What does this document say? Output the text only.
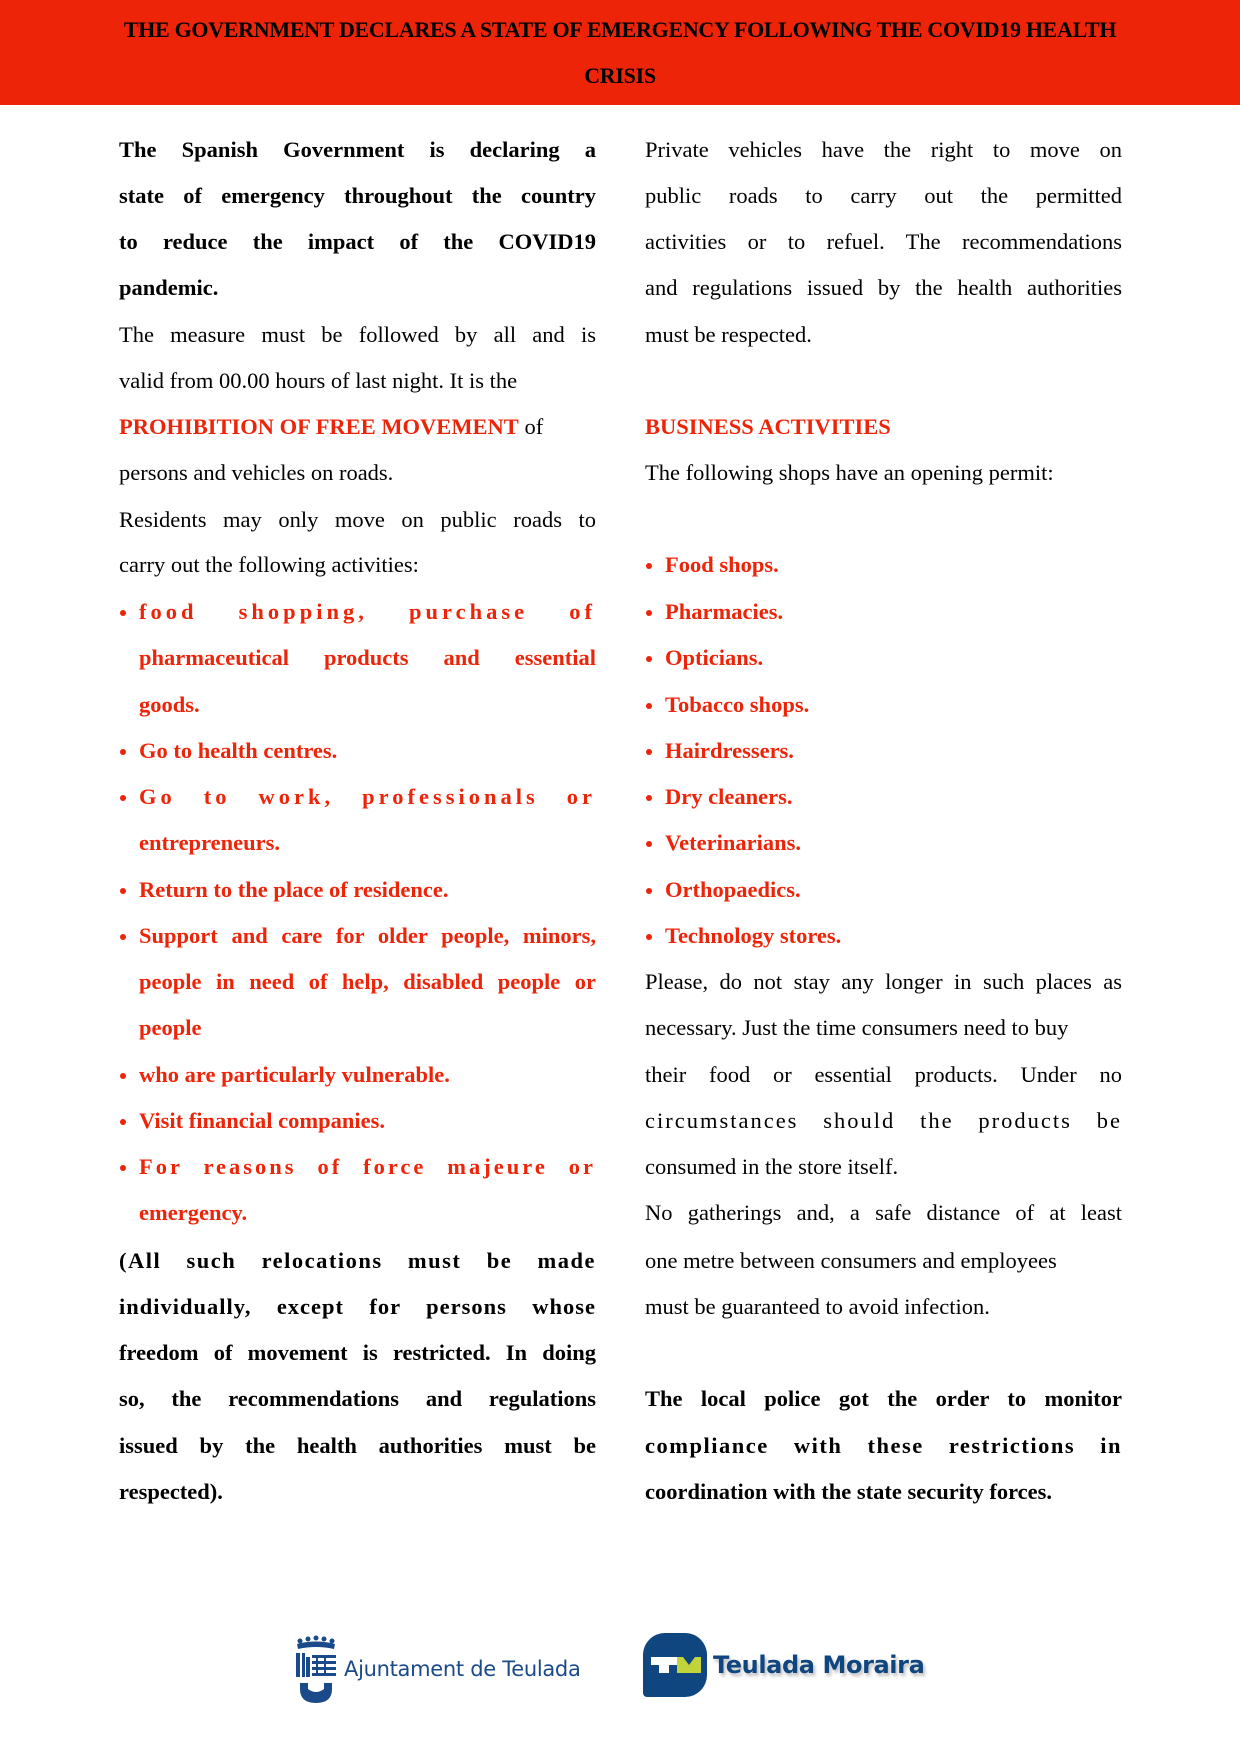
THE GOVERNMENT DECLARES A STATE OF EMERGENCY FOLLOWING THE COVID19 HEALTH
CRISIS
The Spanish Government is declaring a
state of emergency throughout the country
to reduce the impact of the COVID19
pandemic.
The measure must be followed by all and is
valid from 00.00 hours of last night. It is the
PROHIBITION OF FREE MOVEMENT of
persons and vehicles on roads.
Residents may only move on public roads to
carry out the following activities:
food shopping, purchase of
pharmaceutical products and essential
goods.
Go to health centres.
Go to work, professionals or
entrepreneurs.
Return to the place of residence.
Support and care for older people, minors,
people in need of help, disabled people or
people
who are particularly vulnerable.
Visit financial companies.
For reasons of force majeure or
emergency.
(All such relocations must be made
individually, except for persons whose
freedom of movement is restricted. In doing
so, the recommendations and regulations
issued by the health authorities must be
respected).
Private vehicles have the right to move on
public roads to carry out the permitted
activities or to refuel. The recommendations
and regulations issued by the health authorities
must be respected.
BUSINESS ACTIVITIES
The following shops have an opening permit:
Food shops.
Pharmacies.
Opticians.
Tobacco shops.
Hairdressers.
Dry cleaners.
Veterinarians.
Orthopaedics.
Technology stores.
Please, do not stay any longer in such places as
necessary. Just the time consumers need to buy
their food or essential products. Under no
circumstances should the products be
consumed in the store itself.
No gatherings and, a safe distance of at least
one metre between consumers and employees
must be guaranteed to avoid infection.
The local police got the order to monitor
compliance with these restrictions in
coordination with the state security forces.
Ajuntament de Teulada	Teulada Moraira
